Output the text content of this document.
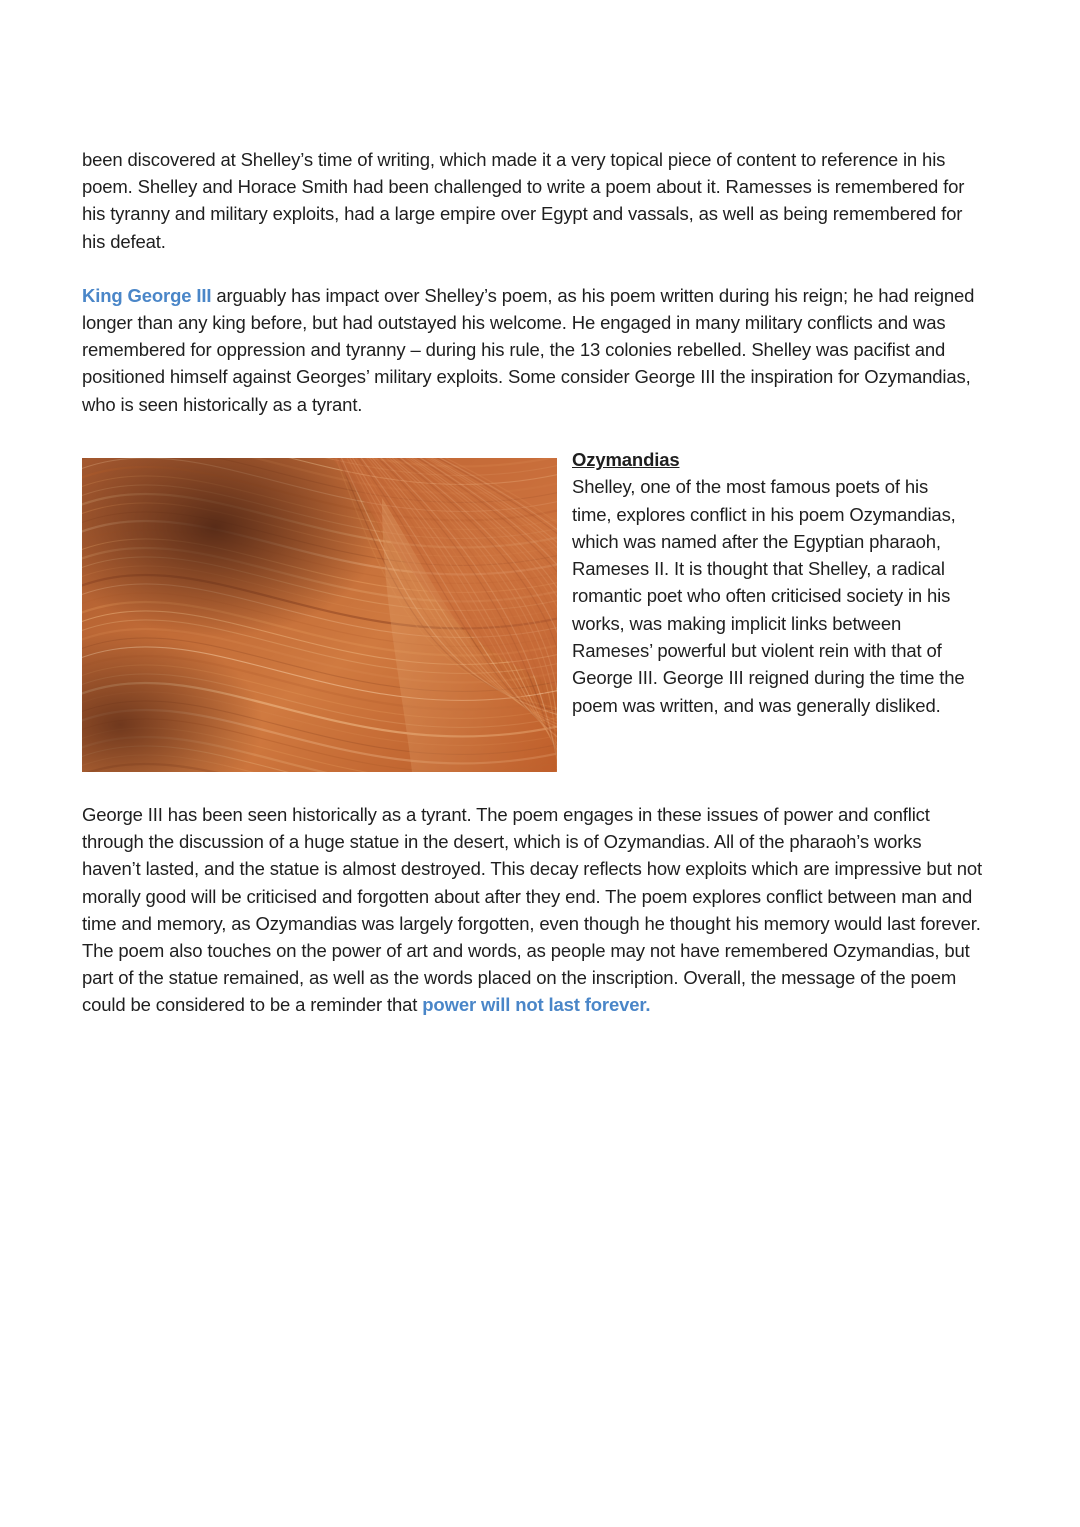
been discovered at Shelley’s time of writing, which made it a very topical piece of content to reference in his poem. Shelley and Horace Smith had been challenged to write a poem about it. Ramesses is remembered for his tyranny and military exploits, had a large empire over Egypt and vassals, as well as being remembered for his defeat.

King George III arguably has impact over Shelley’s poem, as his poem written during his reign; he had reigned longer than any king before, but had outstayed his welcome. He engaged in many military conflicts and was remembered for oppression and tyranny – during his rule, the 13 colonies rebelled. Shelley was pacifist and positioned himself against Georges’ military exploits. Some consider George III the inspiration for Ozymandias, who is seen historically as a tyrant.

Ozymandias
Shelley, one of the most famous poets of his time, explores conflict in his poem Ozymandias, which was named after the Egyptian pharaoh, Rameses II. It is thought that Shelley, a radical romantic poet who often criticised society in his works, was making implicit links between Rameses’ powerful but violent rein with that of George III. George III reigned during the time the poem was written, and was generally disliked.

George III has been seen historically as a tyrant. The poem engages in these issues of power and conflict through the discussion of a huge statue in the desert, which is of Ozymandias. All of the pharaoh’s works haven’t lasted, and the statue is almost destroyed. This decay reflects how exploits which are impressive but not morally good will be criticised and forgotten about after they end. The poem explores conflict between man and time and memory, as Ozymandias was largely forgotten, even though he thought his memory would last forever. The poem also touches on the power of art and words, as people may not have remembered Ozymandias, but part of the statue remained, as well as the words placed on the inscription. Overall, the message of the poem could be considered to be a reminder that power will not last forever.
